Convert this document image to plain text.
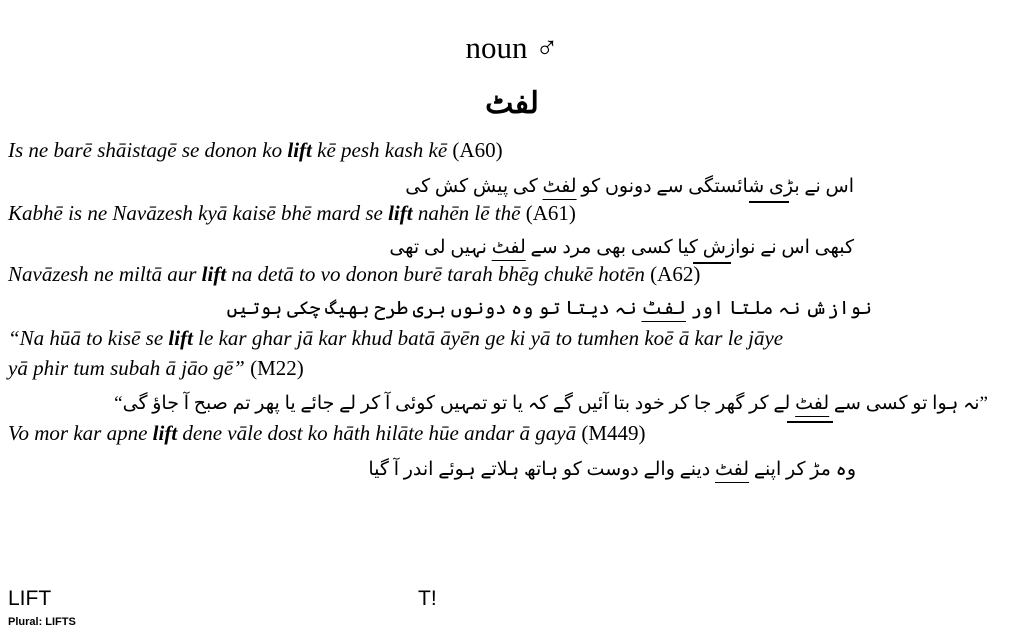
noun ♂
لفٹ
Is ne barē shāistagē se donon ko lift kē pesh kash kē (A60)
اس نے بڑی شائستگی سے دونوں کو لفٹ کی پیش کش کی
Kabhē is ne Navāzesh kyā kaisē bhē mard se lift nahēn lē thē (A61)
کبھی اس نے نوازش کیا کسی بھی مرد سے لفٹ نہیں لی تھی
Navāzesh ne miltā aur lift na detā to vo donon burē tarah bhēg chukē hotēn (A62)
نوازش نہ ملتا اور لفٹ نہ دیتا تو وہ دونوں بری طرح بھیگ چکی ہوتیں
“Na hūā to kisē se lift le kar ghar jā kar khud batā āyēn ge ki yā to tumhen koē ā kar le jāye
yā phir tum subah ā jāo gē” (M22)
”نہ ہوا تو کسی سے لفٹ لے کر گھر جا کر خود بتا آئیں گے کہ یا تو تمہیں کوئی آ کر لے جائے یا پھر تم صبح آ جاؤ گی“
Vo mor kar apne lift dene vāle dost ko hāth hilāte hūe andar ā gayā (M449)
وہ مڑ کر اپنے لفٹ دینے والے دوست کو ہاتھ ہلاتے ہوئے اندر آ گیا
LIFT	T!
Plural: LIFTS
